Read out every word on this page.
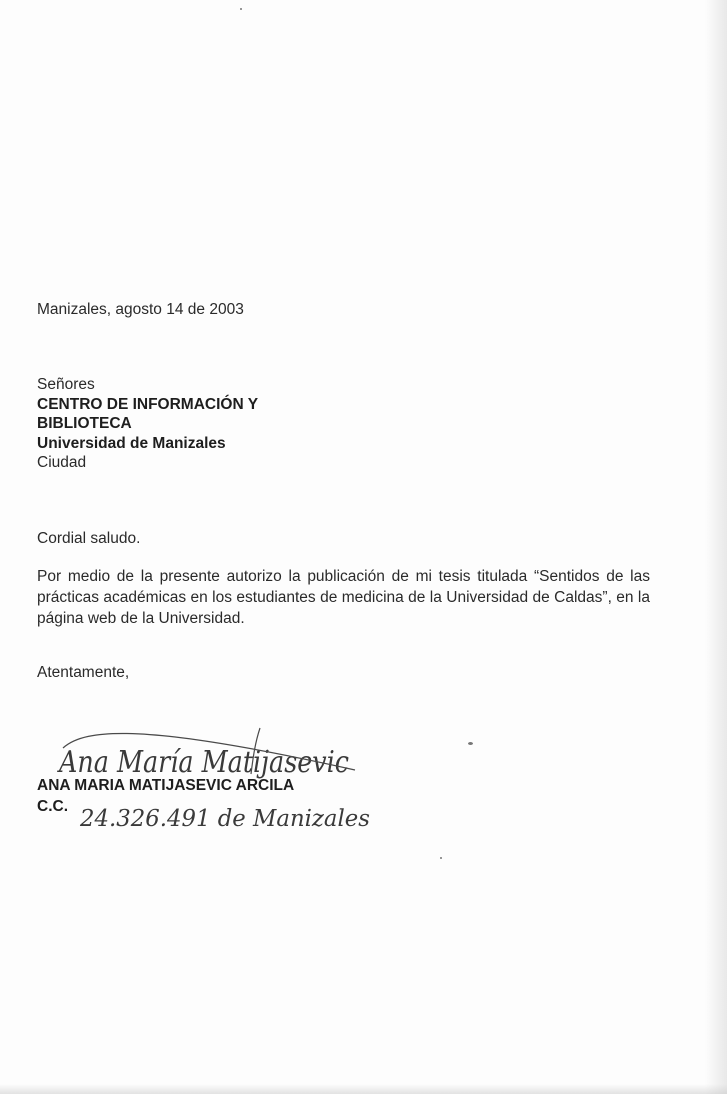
Manizales, agosto 14 de 2003
Señores
CENTRO DE INFORMACIÓN Y
BIBLIOTECA
Universidad de Manizales
Ciudad
Cordial saludo.
Por medio de la presente autorizo la publicación de mi tesis titulada “Sentidos de las prácticas académicas en los estudiantes de medicina de la Universidad de Caldas”, en la página web de la Universidad.
Atentamente,
Ana María Matijasevic
ANA MARIA MATIJASEVIC ARCILA
C.C. 24.326.491 de Manizales
